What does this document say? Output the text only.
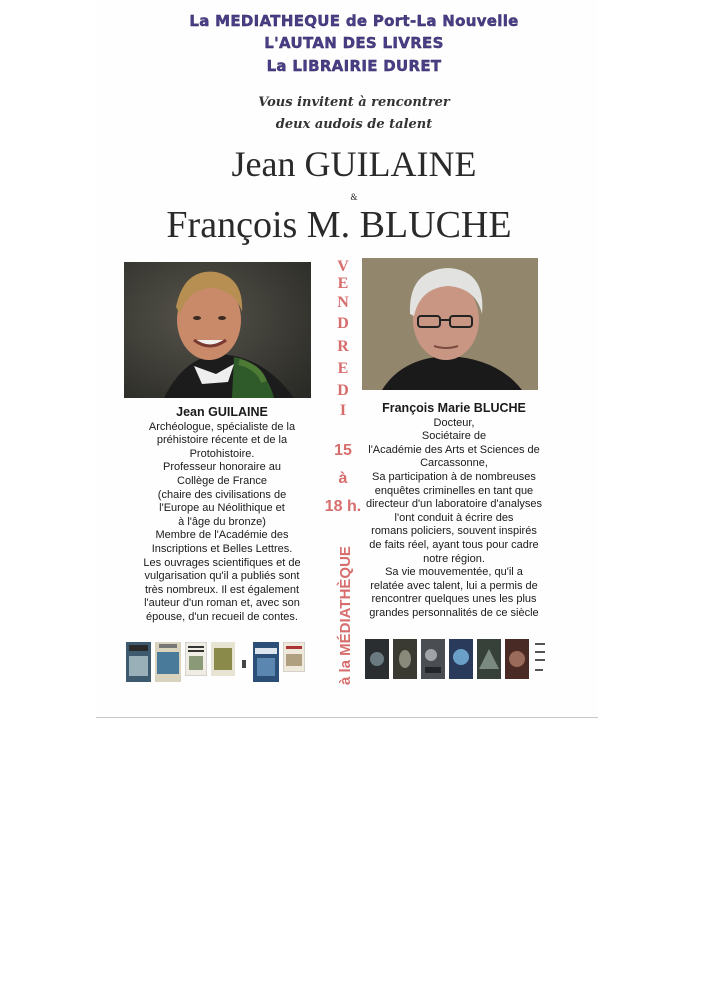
La MEDIATHEQUE de Port-La Nouvelle
L'AUTAN DES LIVRES
La LIBRAIRIE DURET
Vous invitent à rencontrer
deux audois de talent
Jean GUILAINE
&
François M. BLUCHE
V
E
N
D
R
E
D
I
15
à
18 h.
à la MÉDIATHÈQUE
Jean GUILAINE
Archéologue, spécialiste de la
préhistoire récente et de la
Protohistoire.
Professeur honoraire au
Collège de France
(chaire des civilisations de
l'Europe au Néolithique et
à l'âge du bronze)
Membre de l'Académie des
Inscriptions et Belles Lettres.
Les ouvrages scientifiques et de
vulgarisation qu'il a publiés sont
très nombreux. Il est également
l'auteur d'un roman et, avec son
épouse, d'un recueil de contes.
François Marie BLUCHE
Docteur,
Sociétaire de
l'Académie des Arts et Sciences de
Carcassonne,
Sa participation à de nombreuses
enquêtes criminelles en tant que
directeur d'un laboratoire d'analyses
l'ont conduit à écrire des
romans policiers, souvent inspirés
de faits réel, ayant tous pour cadre
notre région.
Sa vie mouvementée, qu'il a
relatée avec talent, lui a permis de
rencontrer quelques unes les plus
grandes personnalités de ce siècle
